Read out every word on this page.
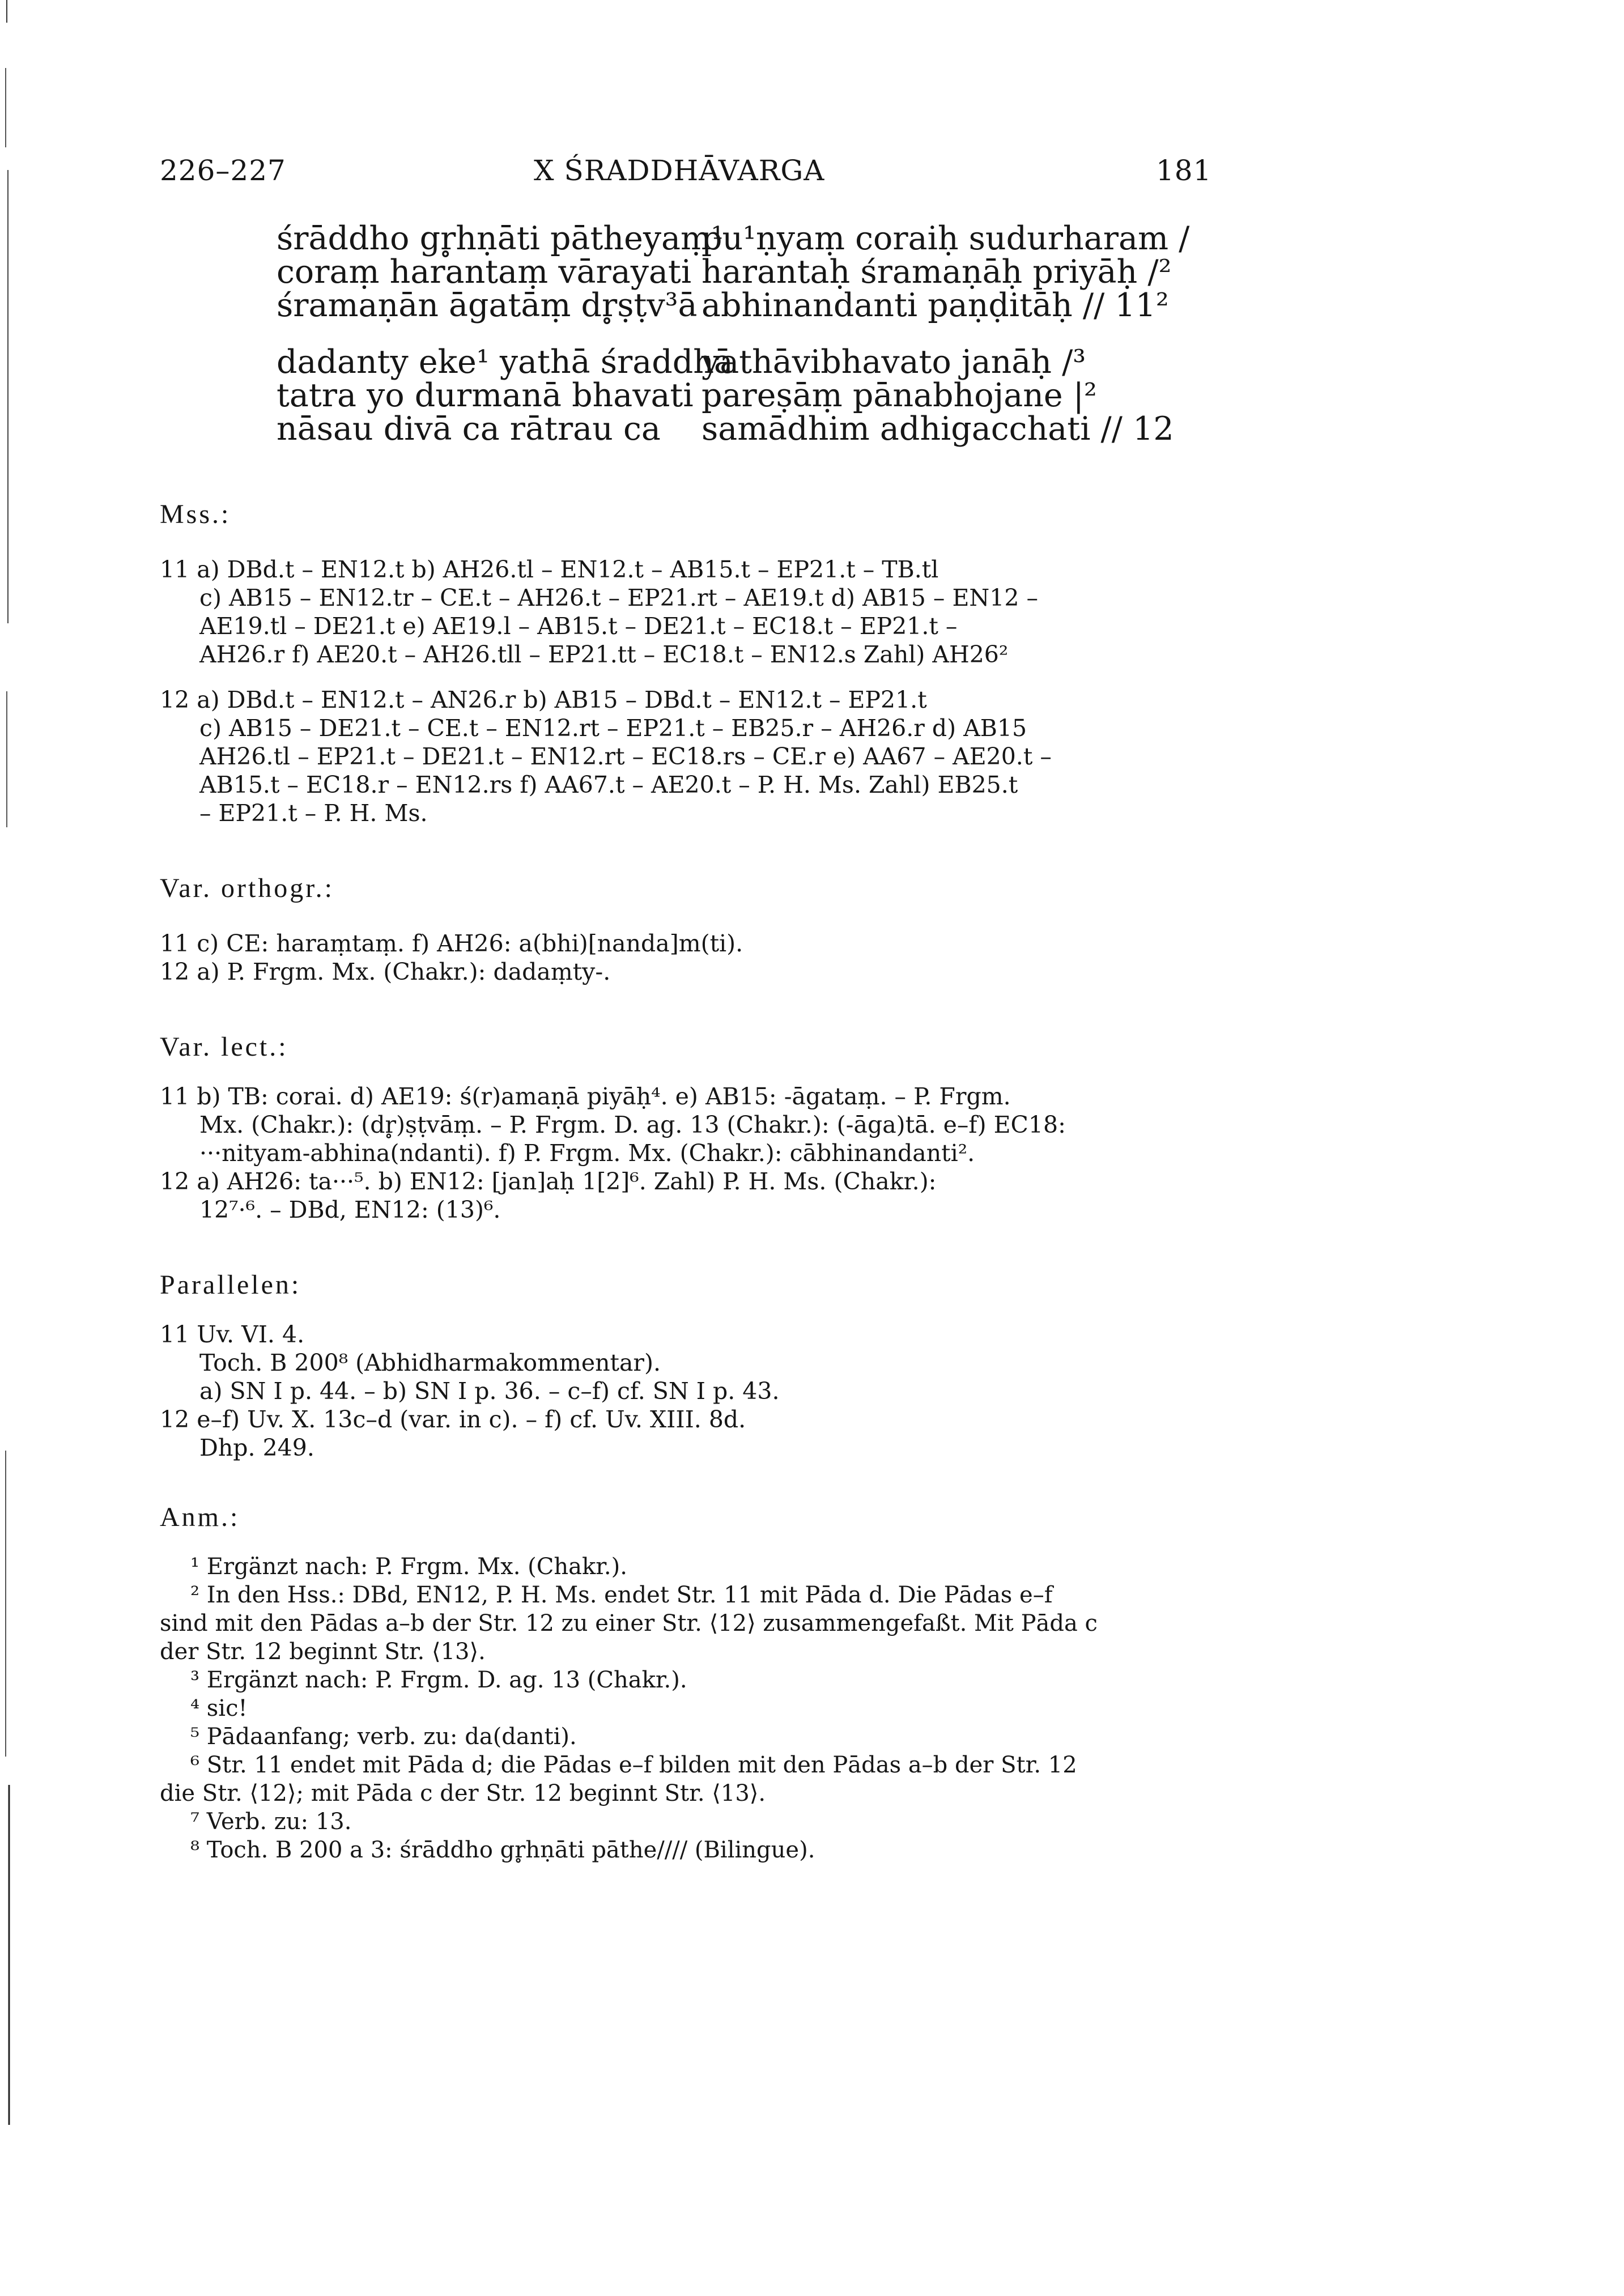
226–227	X ŚRADDHĀVARGA	181
śrāddho gr̥hṇāti pātheyaṃ¹
pu¹ṇyaṃ coraiḥ sudurharam /
coraṃ harantaṃ vārayati harantaḥ śramaṇāḥ priyāḥ /²
śramaṇān āgatāṃ dr̥ṣṭv³ā abhinandanti paṇḍitāḥ // 11²
dadanty eke¹ yathā śraddhā
yathāvibhavato janāḥ /³
tatra yo durmanā bhavati pareṣāṃ pānabhojane |²
nāsau divā ca rātrau ca samādhim adhigacchati // 12
Mss.:
11 a) DBd.t – EN12.t b) AH26.tl – EN12.t – AB15.t – EP21.t – TB.tl
c) AB15 – EN12.tr – CE.t – AH26.t – EP21.rt – AE19.t d) AB15 – EN12 –
AE19.tl – DE21.t e) AE19.l – AB15.t – DE21.t – EC18.t – EP21.t –
AH26.r f) AE20.t – AH26.tll – EP21.tt – EC18.t – EN12.s Zahl) AH26²
12 a) DBd.t – EN12.t – AN26.r b) AB15 – DBd.t – EN12.t – EP21.t
c) AB15 – DE21.t – CE.t – EN12.rt – EP21.t – EB25.r – AH26.r d) AB15
AH26.tl – EP21.t – DE21.t – EN12.rt – EC18.rs – CE.r e) AA67 – AE20.t –
AB15.t – EC18.r – EN12.rs f) AA67.t – AE20.t – P. H. Ms. Zahl) EB25.t
– EP21.t – P. H. Ms.
Var. orthogr.:
11 c) CE: haraṃtaṃ. f) AH26: a(bhi)[nanda]m(ti).
12 a) P. Frgm. Mx. (Chakr.): dadaṃty-.
Var. lect.:
11 b) TB: corai. d) AE19: ś(r)amaṇā piyāḥ⁴. e) AB15: -āgataṃ. – P. Frgm.
Mx. (Chakr.): (dr̥)ṣṭvāṃ. – P. Frgm. D. ag. 13 (Chakr.): (-āga)tā. e–f) EC18:
···nityam-abhina(ndanti). f) P. Frgm. Mx. (Chakr.): cābhinandanti².
12 a) AH26: ta···⁵. b) EN12: [jan]aḥ 1[2]⁶. Zahl) P. H. Ms. (Chakr.):
12⁷·⁶. – DBd, EN12: (13)⁶.
Parallelen:
11 Uv. VI. 4.
Toch. B 200⁸ (Abhidharmakommentar).
a) SN I p. 44. – b) SN I p. 36. – c–f) cf. SN I p. 43.
12 e–f) Uv. X. 13c–d (var. in c). – f) cf. Uv. XIII. 8d.
Dhp. 249.
Anm.:
¹ Ergänzt nach: P. Frgm. Mx. (Chakr.).
² In den Hss.: DBd, EN12, P. H. Ms. endet Str. 11 mit Pāda d. Die Pādas e–f
sind mit den Pādas a–b der Str. 12 zu einer Str. ⟨12⟩ zusammengefaßt. Mit Pāda c
der Str. 12 beginnt Str. ⟨13⟩.
³ Ergänzt nach: P. Frgm. D. ag. 13 (Chakr.).
⁴ sic!
⁵ Pādaanfang; verb. zu: da(danti).
⁶ Str. 11 endet mit Pāda d; die Pādas e–f bilden mit den Pādas a–b der Str. 12
die Str. ⟨12⟩; mit Pāda c der Str. 12 beginnt Str. ⟨13⟩.
⁷ Verb. zu: 13.
⁸ Toch. B 200 a 3: śrāddho gr̥hṇāti pāthe//// (Bilingue).
